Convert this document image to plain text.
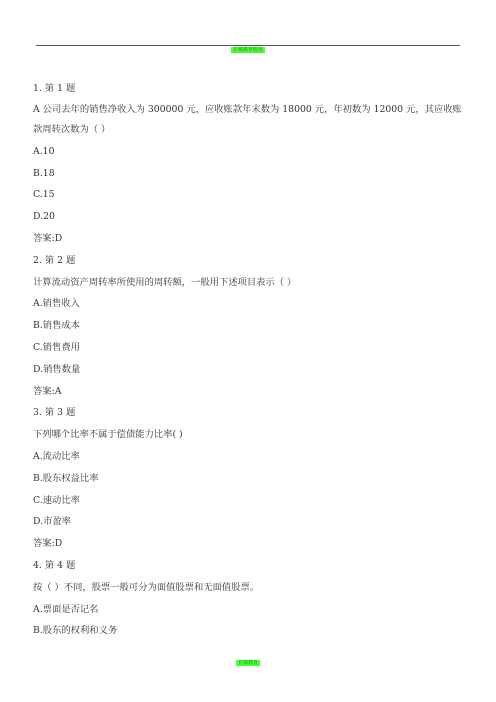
长城教育服务
1. 第 1 题
A 公司去年的销售净收入为 300000 元，应收账款年末数为 18000 元，年初数为 12000 元，其应收账款周转次数为（ ）
A.10
B.18
C.15
D.20
答案:D
2. 第 2 题
计算流动资产周转率所使用的周转额，一般用下述项目表示（ ）
A.销售收入
B.销售成本
C.销售费用
D.销售数量
答案:A
3. 第 3 题
下列哪个比率不属于偿债能力比率( )
A.流动比率
B.股东权益比率
C.速动比率
D.市盈率
答案:D
4. 第 4 题
按（ ）不同，股票一般可分为面值股票和无面值股票。
A.票面是否记名
B.股东的权利和义务
长城教育
